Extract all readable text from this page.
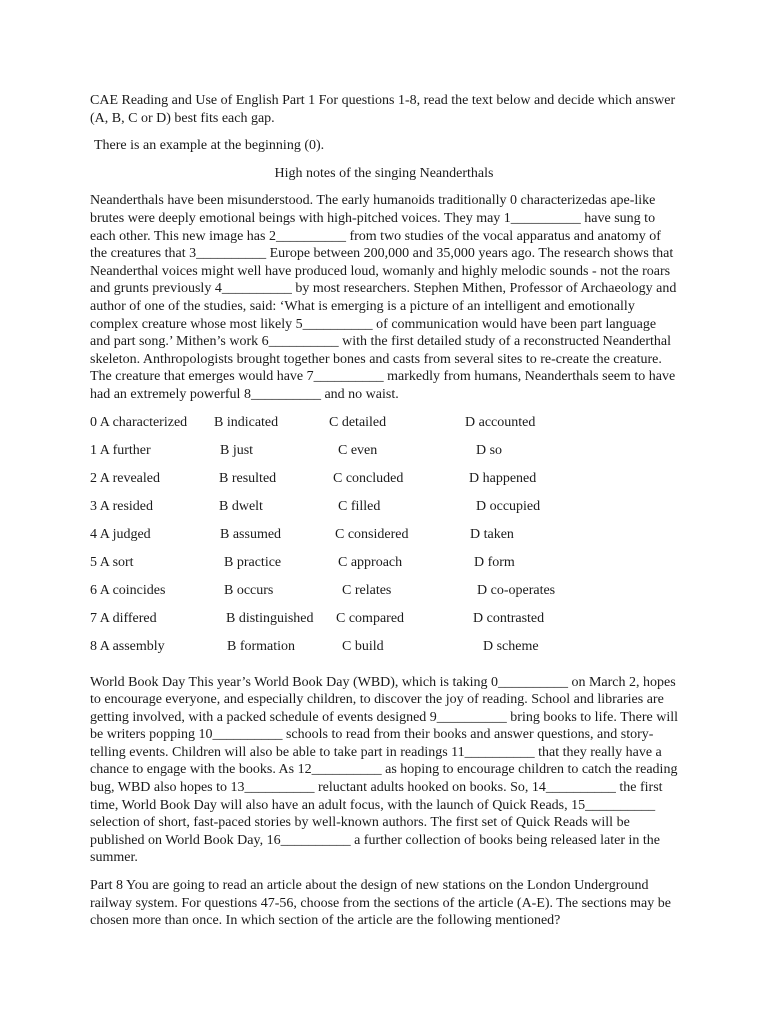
CAE Reading and Use of English Part 1 For questions 1-8, read the text below and decide which answer (A, B, C or D) best fits each gap.

There is an example at the beginning (0).

High notes of the singing Neanderthals

Neanderthals have been misunderstood. The early humanoids traditionally 0 characterizedas ape-like brutes were deeply emotional beings with high-pitched voices. They may 1__________ have sung to each other. This new image has 2__________ from two studies of the vocal apparatus and anatomy of the creatures that 3__________ Europe between 200,000 and 35,000 years ago. The research shows that Neanderthal voices might well have produced loud, womanly and highly melodic sounds - not the roars and grunts previously 4__________ by most researchers. Stephen Mithen, Professor of Archaeology and author of one of the studies, said: ‘What is emerging is a picture of an intelligent and emotionally complex creature whose most likely 5__________ of communication would have been part language and part song.’ Mithen’s work 6__________ with the first detailed study of a reconstructed Neanderthal skeleton. Anthropologists brought together bones and casts from several sites to re-create the creature. The creature that emerges would have 7__________ markedly from humans, Neanderthals seem to have had an extremely powerful 8__________ and no waist.

0 A characterized B indicated	C detailed	D accounted
1 A further	B just	C even	D so
2 A revealed	B resulted	C concluded	D happened
3 A resided	B dwelt	C filled	D occupied
4 A judged	B assumed	C considered	D taken
5 A sort	B practice	C approach	D form
6 A coincides	B occurs	C relates	D co-operates
7 A differed	B distinguished C compared	D contrasted
8 A assembly	B formation	C build	D scheme

World Book Day This year’s World Book Day (WBD), which is taking 0__________ on March 2, hopes to encourage everyone, and especially children, to discover the joy of reading. School and libraries are getting involved, with a packed schedule of events designed 9__________ bring books to life. There will be writers popping 10__________ schools to read from their books and answer questions, and story-telling events. Children will also be able to take part in readings 11__________ that they really have a chance to engage with the books. As 12__________ as hoping to encourage children to catch the reading bug, WBD also hopes to 13__________ reluctant adults hooked on books. So, 14__________ the first time, World Book Day will also have an adult focus, with the launch of Quick Reads, 15__________ selection of short, fast-paced stories by well-known authors. The first set of Quick Reads will be published on World Book Day, 16__________ a further collection of books being released later in the summer.

Part 8 You are going to read an article about the design of new stations on the London Underground railway system. For questions 47-56, choose from the sections of the article (A-E). The sections may be chosen more than once. In which section of the article are the following mentioned?
